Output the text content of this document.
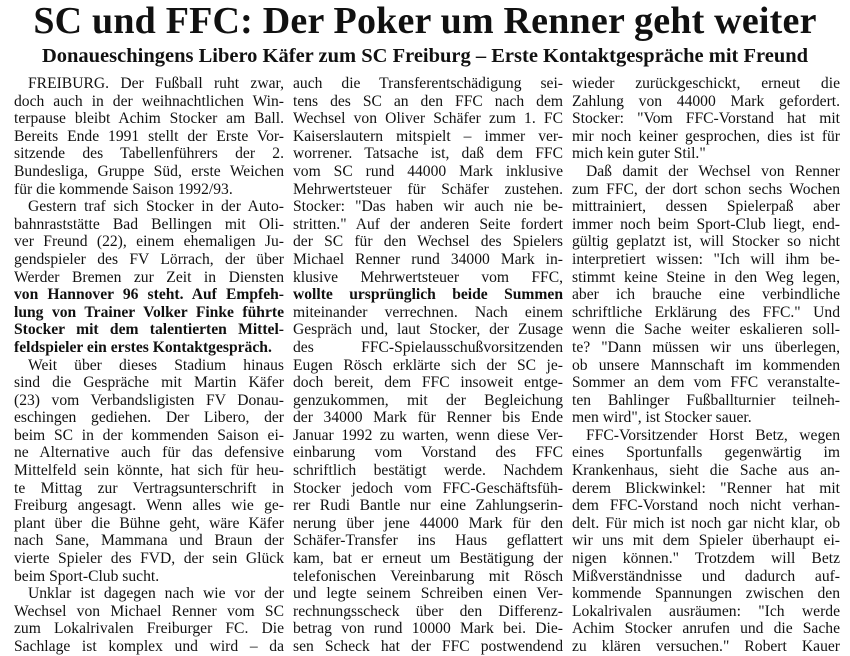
SC und FFC: Der Poker um Renner geht weiter
Donaueschingens Libero Käfer zum SC Freiburg – Erste Kontaktgespräche mit Freund
FREIBURG. Der Fußball ruht zwar,
doch auch in der weihnachtlichen Win-
terpause bleibt Achim Stocker am Ball.
Bereits Ende 1991 stellt der Erste Vor-
sitzende des Tabellenführers der 2.
Bundesliga, Gruppe Süd, erste Weichen
für die kommende Saison 1992/93.
Gestern traf sich Stocker in der Auto-
bahnraststätte Bad Bellingen mit Oli-
ver Freund (22), einem ehemaligen Ju-
gendspieler des FV Lörrach, der über
Werder Bremen zur Zeit in Diensten
von Hannover 96 steht. Auf Empfeh-
lung von Trainer Volker Finke führte
Stocker mit dem talentierten Mittel-
feldspieler ein erstes Kontaktgespräch.
Weit über dieses Stadium hinaus
sind die Gespräche mit Martin Käfer
(23) vom Verbandsligisten FV Donau-
eschingen gediehen. Der Libero, der
beim SC in der kommenden Saison ei-
ne Alternative auch für das defensive
Mittelfeld sein könnte, hat sich für heu-
te Mittag zur Vertragsunterschrift in
Freiburg angesagt. Wenn alles wie ge-
plant über die Bühne geht, wäre Käfer
nach Sane, Mammana und Braun der
vierte Spieler des FVD, der sein Glück
beim Sport-Club sucht.
Unklar ist dagegen nach wie vor der
Wechsel von Michael Renner vom SC
zum Lokalrivalen Freiburger FC. Die
Sachlage ist komplex und wird – da
auch die Transferentschädigung sei-
tens des SC an den FFC nach dem
Wechsel von Oliver Schäfer zum 1. FC
Kaiserslautern mitspielt – immer ver-
worrener. Tatsache ist, daß dem FFC
vom SC rund 44000 Mark inklusive
Mehrwertsteuer für Schäfer zustehen.
Stocker: "Das haben wir auch nie be-
stritten." Auf der anderen Seite fordert
der SC für den Wechsel des Spielers
Michael Renner rund 34000 Mark in-
klusive Mehrwertsteuer vom FFC,
wollte ursprünglich beide Summen
miteinander verrechnen. Nach einem
Gespräch und, laut Stocker, der Zusage
des FFC-Spielausschußvorsitzenden
Eugen Rösch erklärte sich der SC je-
doch bereit, dem FFC insoweit entge-
genzukommen, mit der Begleichung
der 34000 Mark für Renner bis Ende
Januar 1992 zu warten, wenn diese Ver-
einbarung vom Vorstand des FFC
schriftlich bestätigt werde. Nachdem
Stocker jedoch vom FFC-Geschäftsfüh-
rer Rudi Bantle nur eine Zahlungserin-
nerung über jene 44000 Mark für den
Schäfer-Transfer ins Haus geflattert
kam, bat er erneut um Bestätigung der
telefonischen Vereinbarung mit Rösch
und legte seinem Schreiben einen Ver-
rechnungsscheck über den Differenz-
betrag von rund 10000 Mark bei. Die-
sen Scheck hat der FFC postwendend
wieder zurückgeschickt, erneut die
Zahlung von 44000 Mark gefordert.
Stocker: "Vom FFC-Vorstand hat mit
mir noch keiner gesprochen, dies ist für
mich kein guter Stil."
Daß damit der Wechsel von Renner
zum FFC, der dort schon sechs Wochen
mittrainiert, dessen Spielerpaß aber
immer noch beim Sport-Club liegt, end-
gültig geplatzt ist, will Stocker so nicht
interpretiert wissen: "Ich will ihm be-
stimmt keine Steine in den Weg legen,
aber ich brauche eine verbindliche
schriftliche Erklärung des FFC." Und
wenn die Sache weiter eskalieren soll-
te? "Dann müssen wir uns überlegen,
ob unsere Mannschaft im kommenden
Sommer an dem vom FFC veranstalte-
ten Bahlinger Fußballturnier teilneh-
men wird", ist Stocker sauer.
FFC-Vorsitzender Horst Betz, wegen
eines Sportunfalls gegenwärtig im
Krankenhaus, sieht die Sache aus an-
derem Blickwinkel: "Renner hat mit
dem FFC-Vorstand noch nicht verhan-
delt. Für mich ist noch gar nicht klar, ob
wir uns mit dem Spieler überhaupt ei-
nigen können." Trotzdem will Betz
Mißverständnisse und dadurch auf-
kommende Spannungen zwischen den
Lokalrivalen ausräumen: "Ich werde
Achim Stocker anrufen und die Sache
zu klären versuchen." Robert Kauer
